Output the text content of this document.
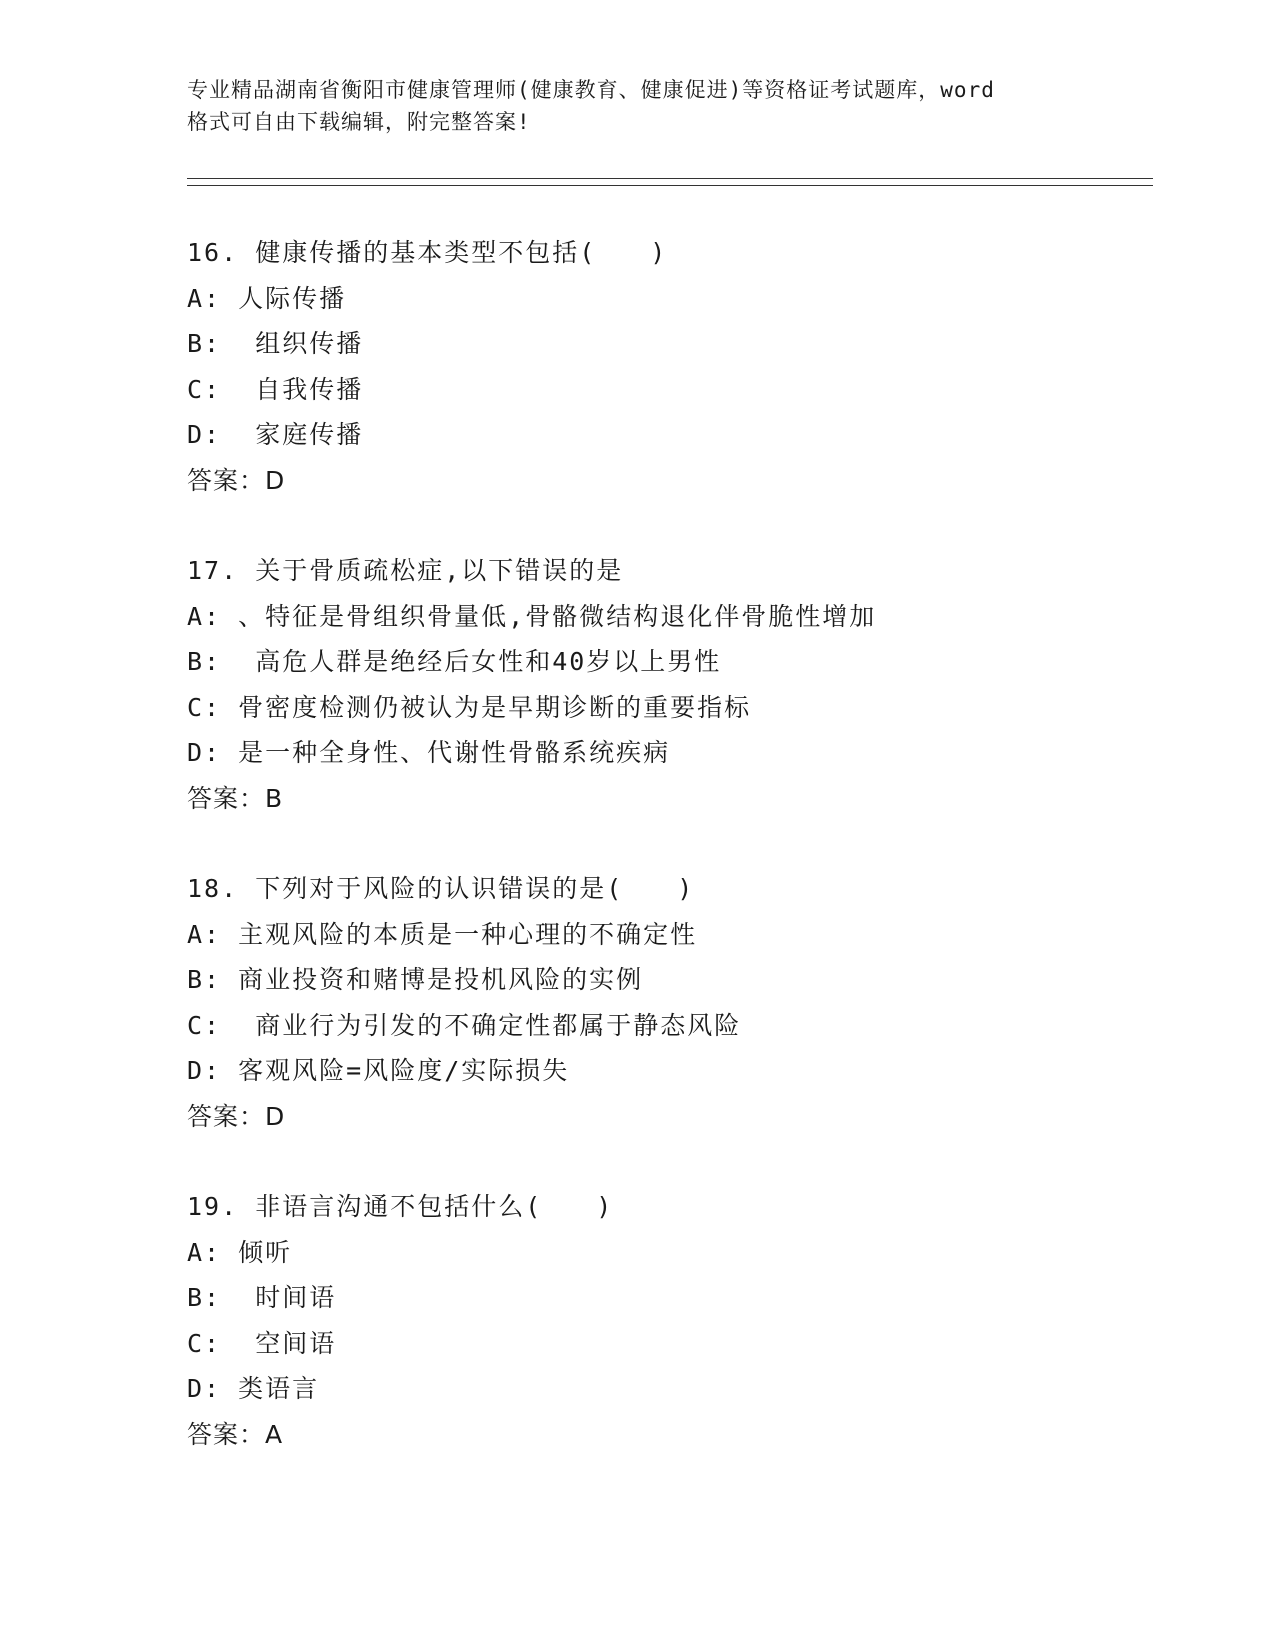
专业精品湖南省衡阳市健康管理师(健康教育、健康促进)等资格证考试题库，word
格式可自由下载编辑，附完整答案!
16. 健康传播的基本类型不包括(　　)
A: 人际传播
B:  组织传播
C:  自我传播
D:  家庭传播
答案：D
17. 关于骨质疏松症,以下错误的是
A: 、特征是骨组织骨量低,骨骼微结构退化伴骨脆性增加
B:  高危人群是绝经后女性和40岁以上男性
C: 骨密度检测仍被认为是早期诊断的重要指标
D: 是一种全身性、代谢性骨骼系统疾病
答案：B
18. 下列对于风险的认识错误的是(　　)
A: 主观风险的本质是一种心理的不确定性
B: 商业投资和赌博是投机风险的实例
C:  商业行为引发的不确定性都属于静态风险
D: 客观风险=风险度/实际损失
答案：D
19. 非语言沟通不包括什么(　　)
A: 倾听
B:  时间语
C:  空间语
D: 类语言
答案：A
